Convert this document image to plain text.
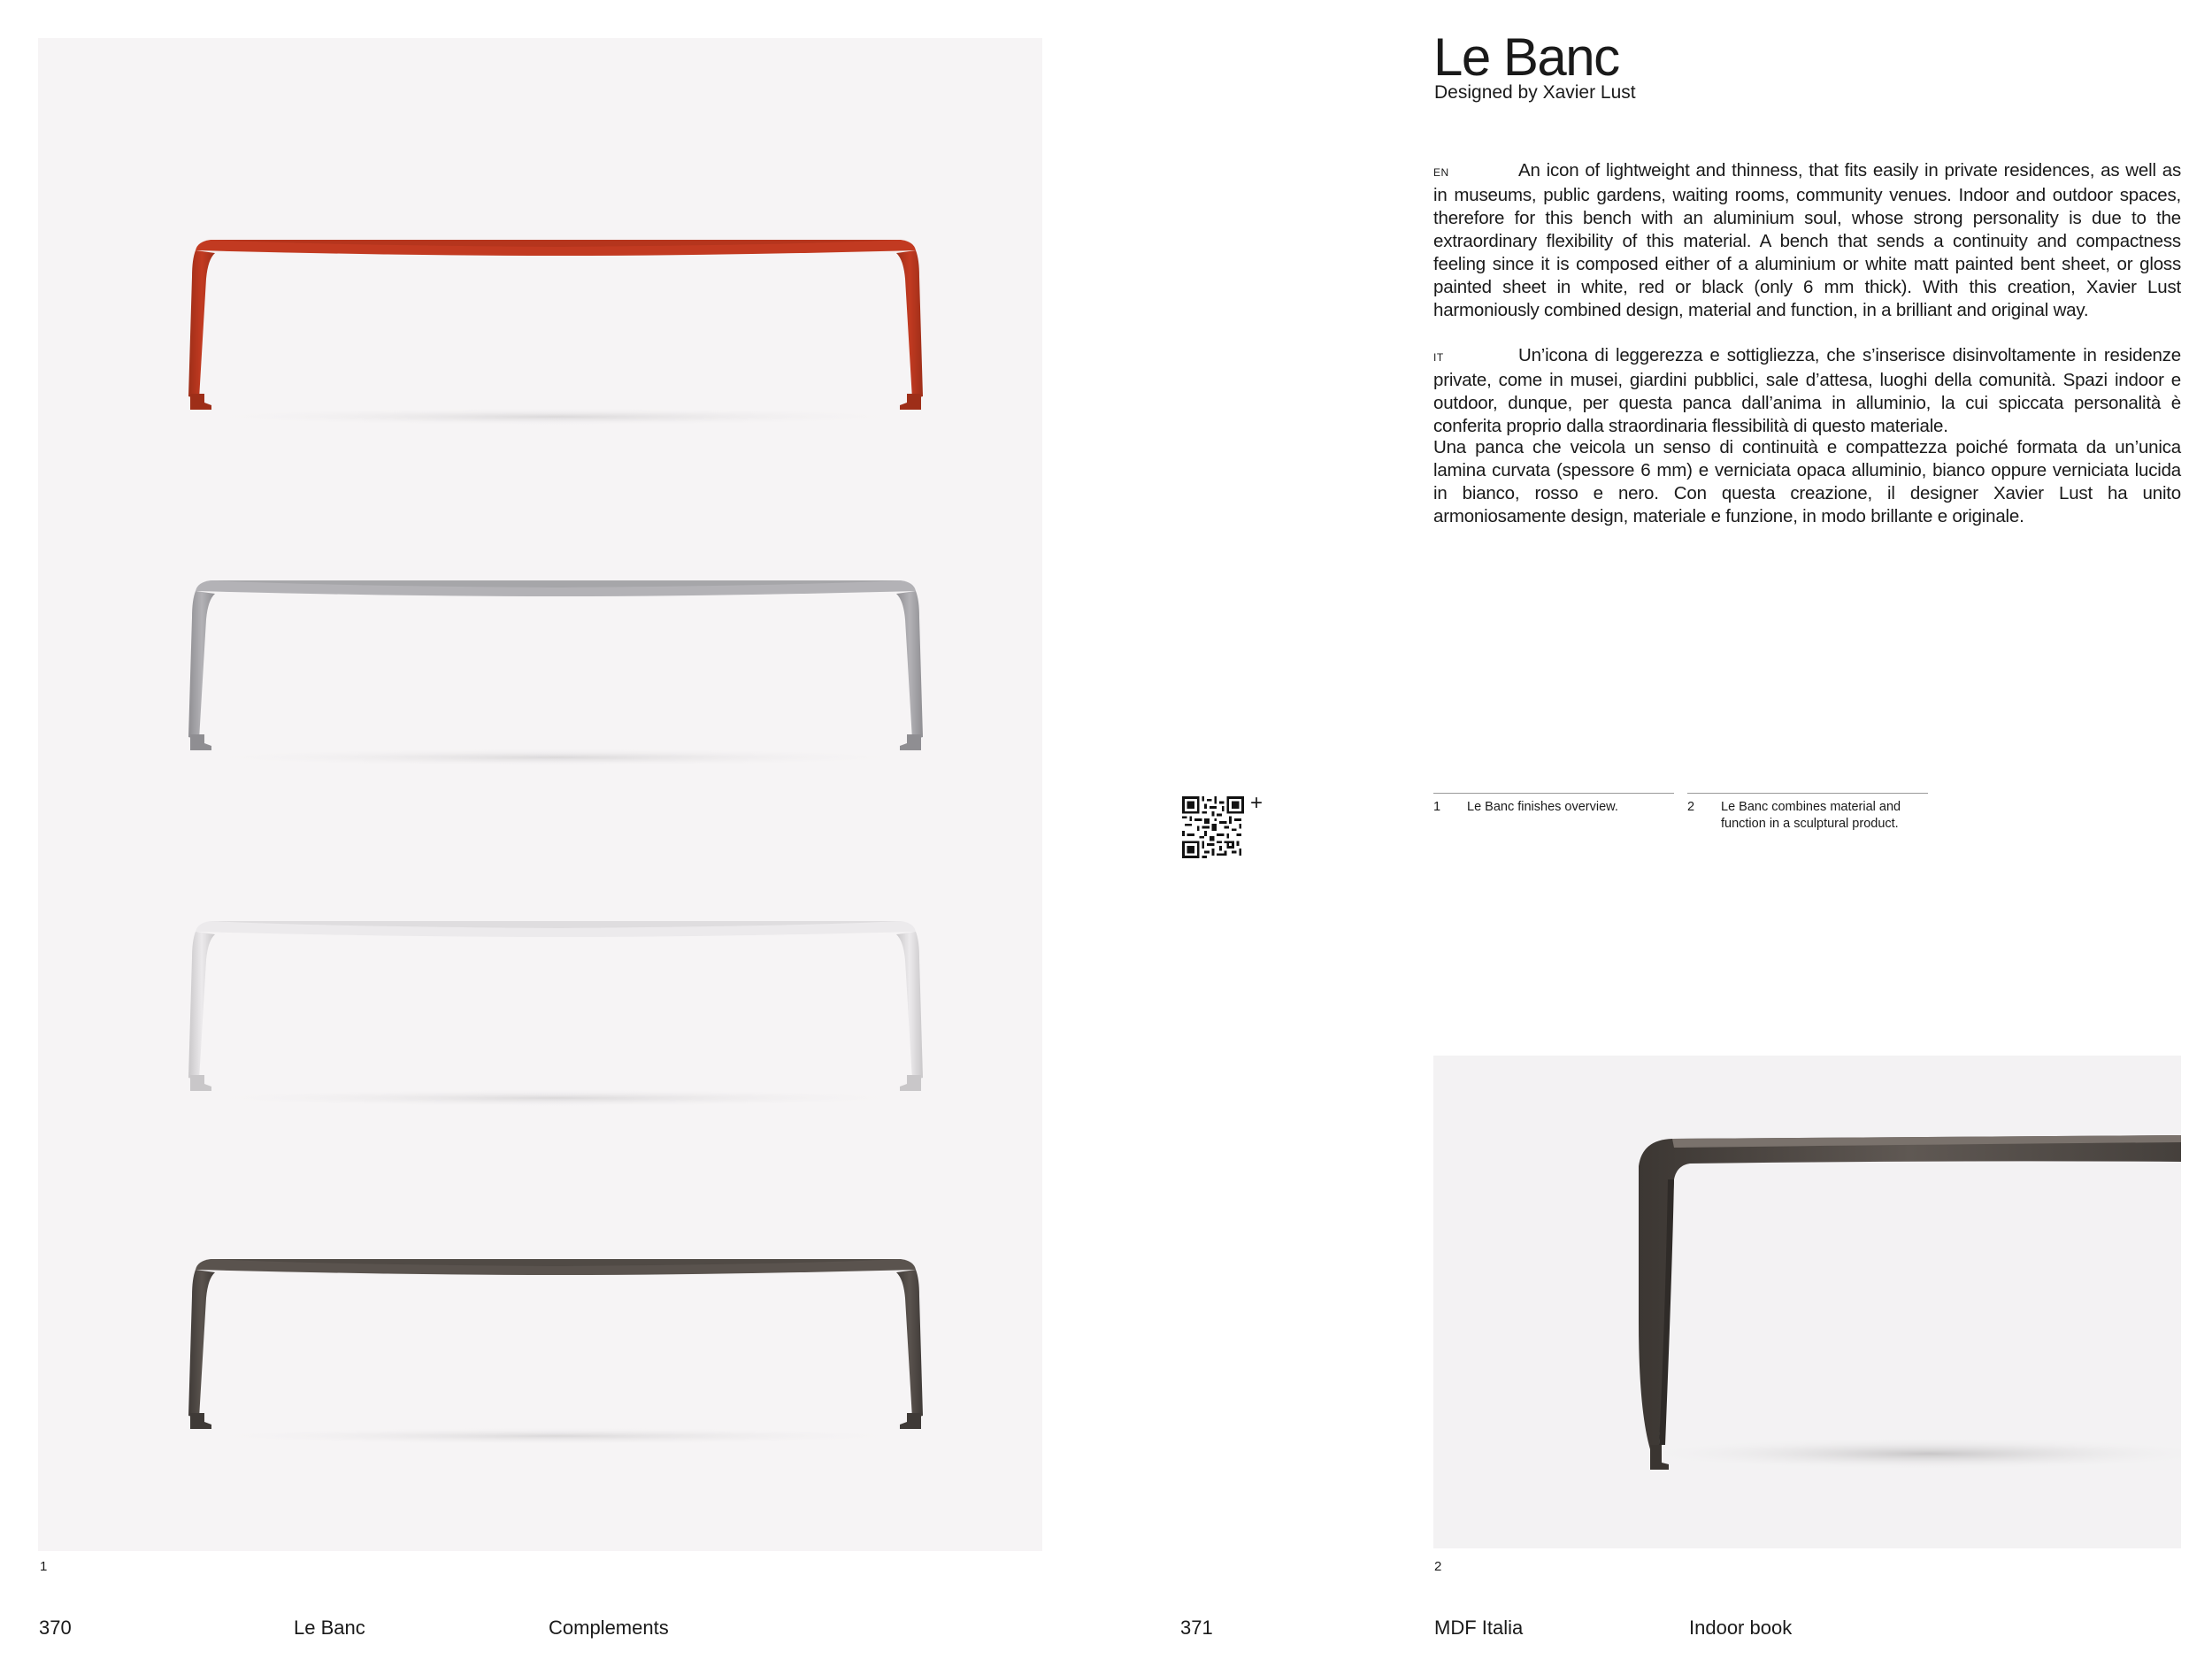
1
Le Banc
Designed by Xavier Lust
EN	An icon of lightweight and thinness, that fits easily in private residences, as well as in museums, public gardens, waiting rooms, community venues. Indoor and outdoor spaces, therefore for this bench with an aluminium soul, whose strong personality is due to the extraordinary flexibility of this material. A bench that sends a continuity and compactness feeling since it is composed either of a aluminium or white matt painted bent sheet, or gloss painted sheet in white, red or black (only 6 mm thick). With this creation, Xavier Lust harmoniously combined design, material and function, in a brilliant and original way.
IT	Un’icona di leggerezza e sottigliezza, che s’inserisce disinvoltamente in residenze private, come in musei, giardini pubblici, sale d’attesa, luoghi della comunità. Spazi indoor e outdoor, dunque, per questa panca dall’anima in alluminio, la cui spiccata personalità è conferita proprio dalla straordinaria flessibilità di questo materiale.
Una panca che veicola un senso di continuità e compattezza poiché formata da un’unica lamina curvata (spessore 6 mm) e verniciata opaca alluminio, bianco oppure verniciata lucida in bianco, rosso e nero. Con questa creazione, il designer Xavier Lust ha unito armoniosamente design, materiale e funzione, in modo brillante e originale.
+	1 Le Banc finishes overview.	2 Le Banc combines material and function in a sculptural product.
2
370	Le Banc	Complements	371	MDF Italia	Indoor book
